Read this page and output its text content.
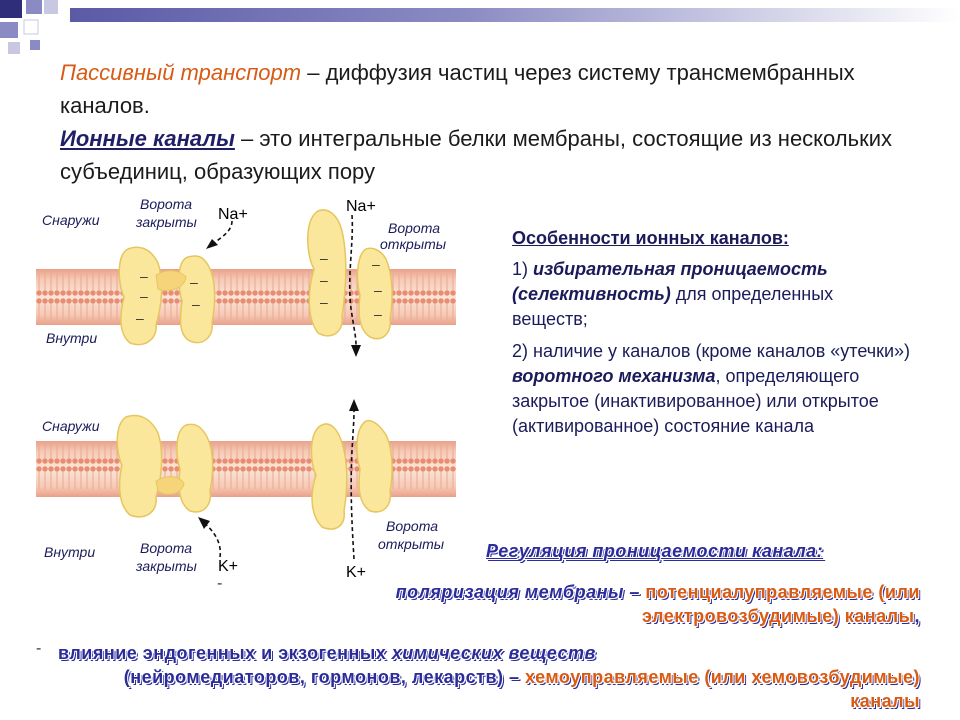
Пассивный транспорт – диффузия частиц через систему трансмембранных каналов.
Ионные каналы – это интегральные белки мембраны, состоящие из нескольких субъединиц, образующих пору
–
–
–
–
–
–
–
–
–
–
–
Снаружи
Внутри
Снаружи
Внутри
Ворота
закрыты	Ворота
открыты
Ворота
открыты
Ворота
закрыты
Na+	Na+
K+	K+

Особенности ионных каналов:

1) избирательная проницаемость (селективность) для определенных веществ;

2) наличие у каналов (кроме каналов «утечки») воротного механизма, определяющего закрытое (инактивированное) или открытое (активированное) состояние канала

Регуляция проницаемости канала:
-	поляризация мембраны – потенциалуправляемые (или электровозбудимые) каналы,
- влияние эндогенных и экзогенных химических веществ
(нейромедиаторов, гормонов, лекарств) – хемоуправляемые (или хемовозбудимые) каналы
